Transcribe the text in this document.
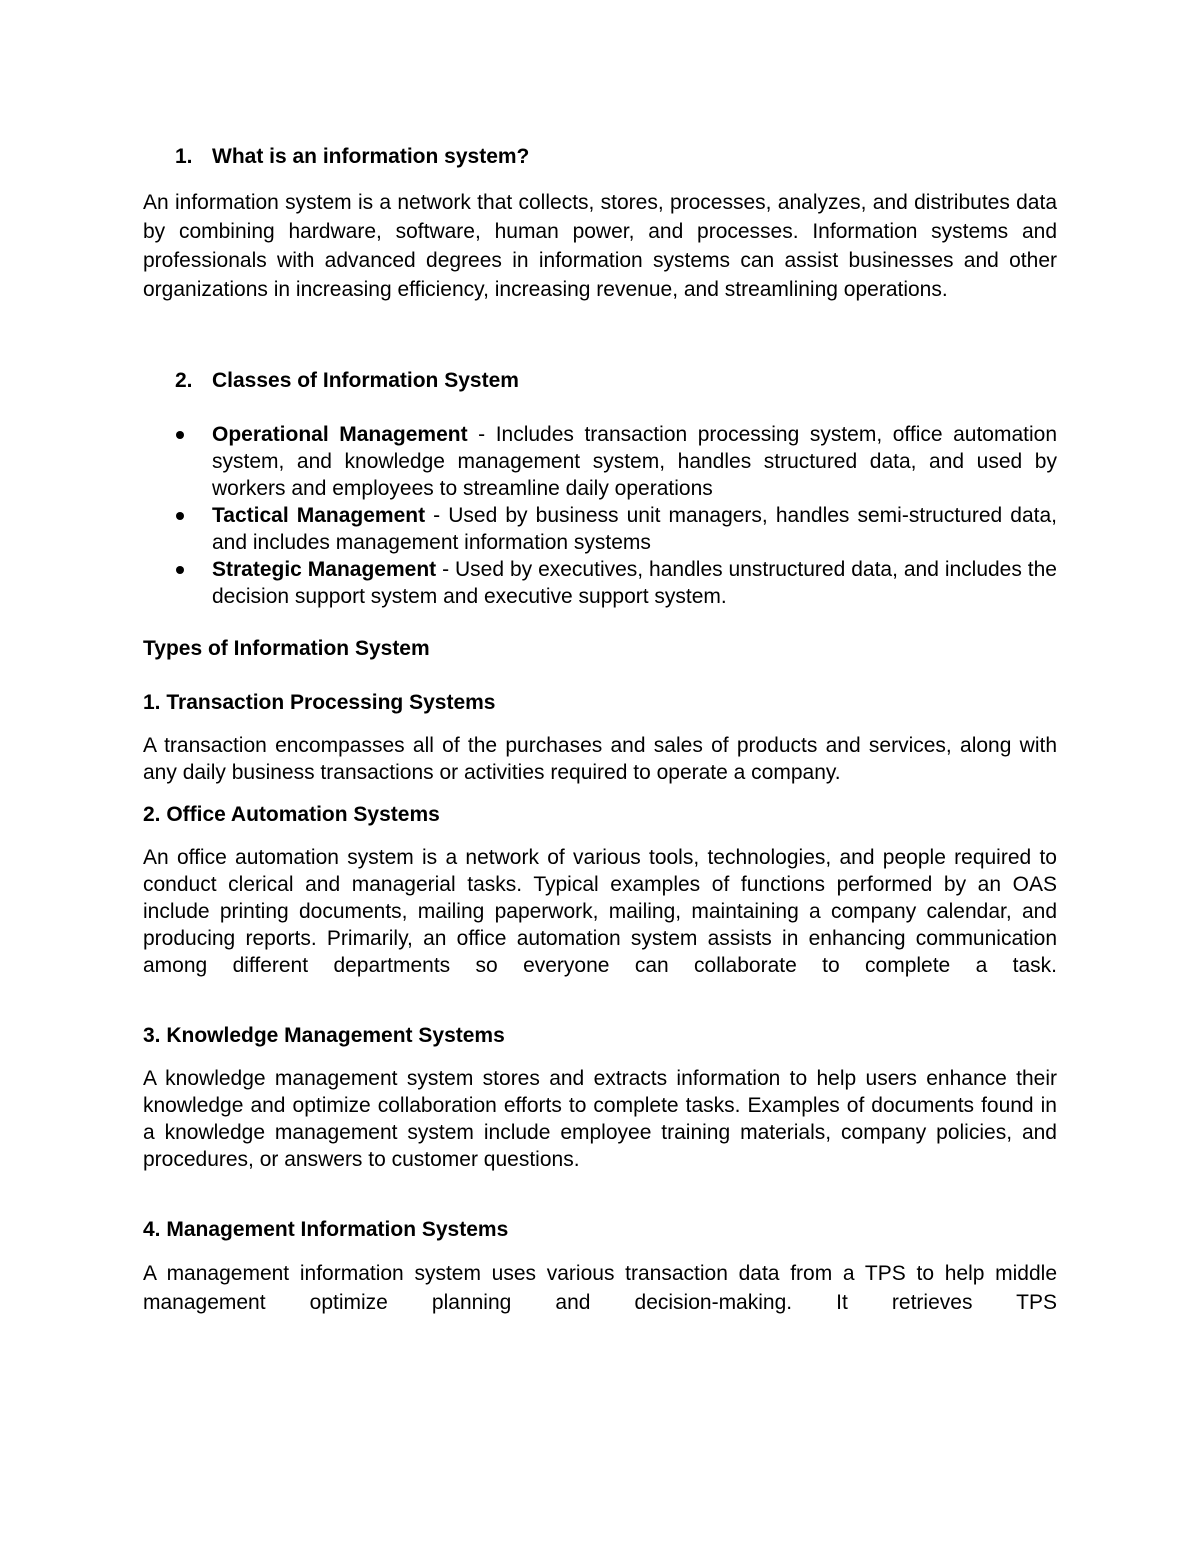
1. What is an information system?

An information system is a network that collects, stores, processes, analyzes, and distributes data by combining hardware, software, human power, and processes. Information systems and professionals with advanced degrees in information systems can assist businesses and other organizations in increasing efficiency, increasing revenue, and streamlining operations.

2. Classes of Information System
Operational Management - Includes transaction processing system, office automation system, and knowledge management system, handles structured data, and used by workers and employees to streamline daily operations
Tactical Management - Used by business unit managers, handles semi-structured data, and includes management information systems
Strategic Management - Used by executives, handles unstructured data, and includes the decision support system and executive support system.

Types of Information System

1. Transaction Processing Systems

A transaction encompasses all of the purchases and sales of products and services, along with any daily business transactions or activities required to operate a company.

2. Office Automation Systems

An office automation system is a network of various tools, technologies, and people required to conduct clerical and managerial tasks. Typical examples of functions performed by an OAS include printing documents, mailing paperwork, mailing, maintaining a company calendar, and producing reports. Primarily, an office automation system assists in enhancing communication among different departments so everyone can collaborate to complete a task.

3. Knowledge Management Systems

A knowledge management system stores and extracts information to help users enhance their knowledge and optimize collaboration efforts to complete tasks. Examples of documents found in a knowledge management system include employee training materials, company policies, and procedures, or answers to customer questions.

4. Management Information Systems

A management information system uses various transaction data from a TPS to help middle management optimize planning and decision-making. It retrieves TPS
